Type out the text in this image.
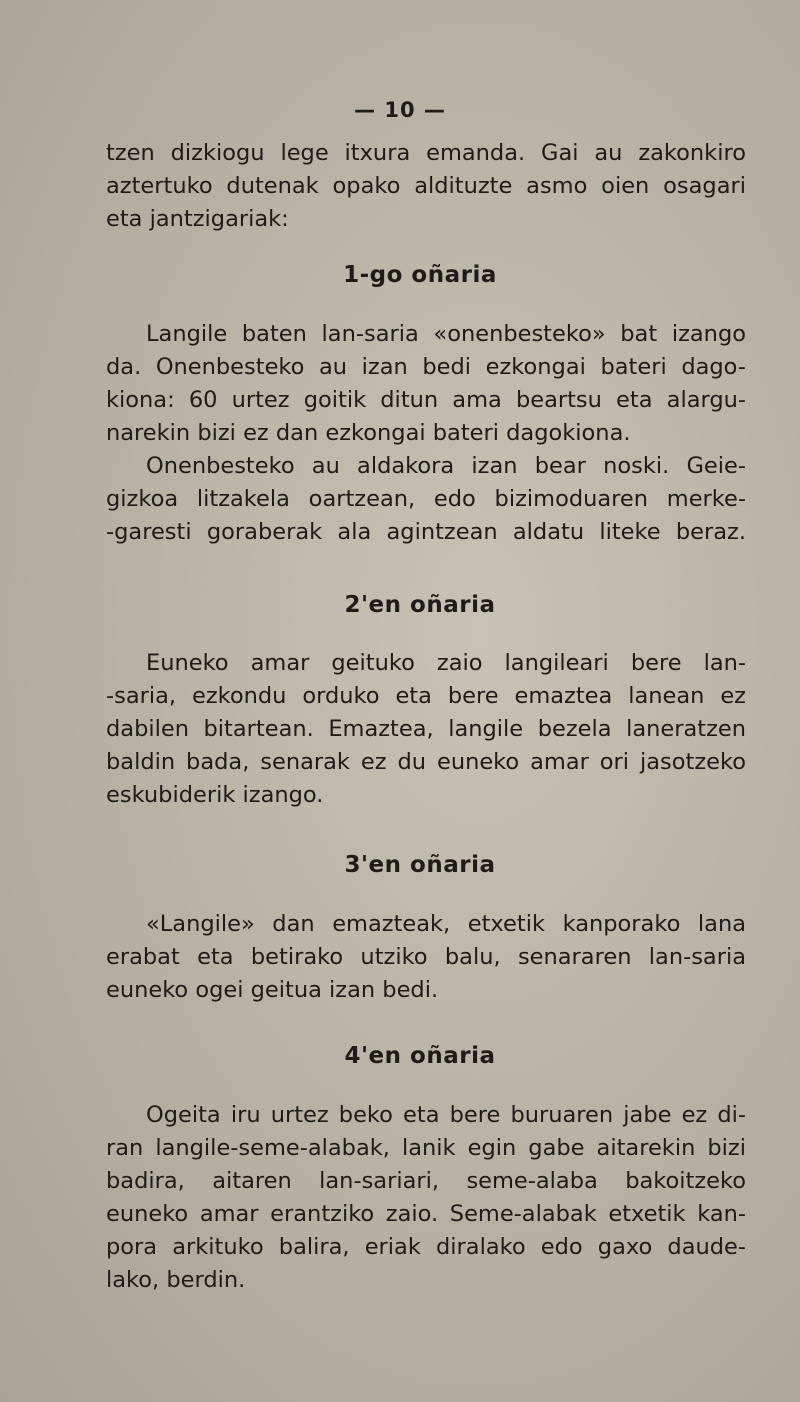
— 10 —
tzen dizkiogu lege itxura emanda. Gai au zakonkiro
aztertuko dutenak opako aldituzte asmo oien osagari
eta jantzigariak:
1-go oñaria
Langile baten lan-saria «onenbesteko» bat izango
da. Onenbesteko au izan bedi ezkongai bateri dago-
kiona: 60 urtez goitik ditun ama beartsu eta alargu-
narekin bizi ez dan ezkongai bateri dagokiona.
Onenbesteko au aldakora izan bear noski. Geie-
gizkoa litzakela oartzean, edo bizimoduaren merke-
-garesti goraberak ala agintzean aldatu liteke beraz.
2'en oñaria
Euneko amar geituko zaio langileari bere lan-
-saria, ezkondu orduko eta bere emaztea lanean ez
dabilen bitartean. Emaztea, langile bezela laneratzen
baldin bada, senarak ez du euneko amar ori jasotzeko
eskubiderik izango.
3'en oñaria
«Langile» dan emazteak, etxetik kanporako lana
erabat eta betirako utziko balu, senararen lan-saria
euneko ogei geitua izan bedi.
4'en oñaria
Ogeita iru urtez beko eta bere buruaren jabe ez di-
ran langile-seme-alabak, lanik egin gabe aitarekin bizi
badira, aitaren lan-sariari, seme-alaba bakoitzeko
euneko amar erantziko zaio. Seme-alabak etxetik kan-
pora arkituko balira, eriak diralako edo gaxo daude-
lako, berdin.
